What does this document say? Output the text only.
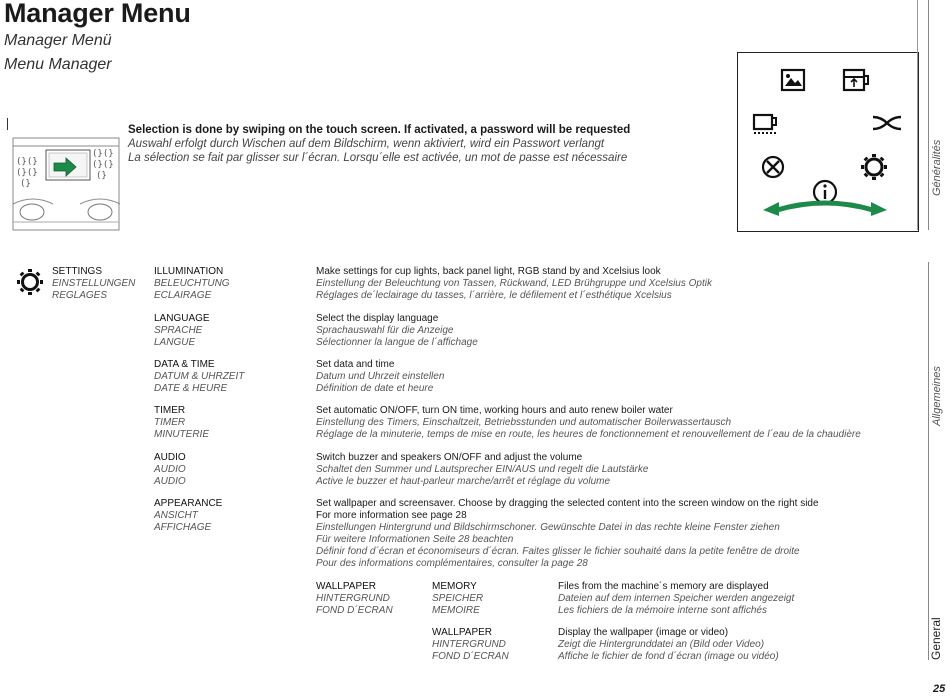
Manager Menu
Manager Menü
Menu Manager
(}(}
(}(}
(}
(}(}
(}(}
(}
Selection is done by swiping on the touch screen. If activated, a password will be requested
Auswahl erfolgt durch Wischen auf dem Bildschirm, wenn aktiviert, wird ein Passwort verlangt
La sélection se fait par glisser sur l´écran. Lorsqu´elle est activée, un mot de passe est nécessaire	Généralités
Allgemeines
General
25
SETTINGS
EINSTELLUNGEN
REGLAGES
ILLUMINATION
BELEUCHTUNG
ECLAIRAGE
Make settings for cup lights, back panel light, RGB stand by and Xcelsius look
Einstellung der Beleuchtung von Tassen, Rückwand, LED Brühgruppe und Xcelsius Optik
Réglages de´leclairage du tasses, l´arrière, le défilement et l´esthétique Xcelsius
LANGUAGE
SPRACHE
LANGUE
Select the display language
Sprachauswahl für die Anzeige
Sélectionner la langue de l´affichage
DATA & TIME
DATUM & UHRZEIT
DATE & HEURE
Set data and time
Datum und Uhrzeit einstellen
Définition de date et heure
TIMER
TIMER
MINUTERIE
Set automatic ON/OFF, turn ON time, working hours and auto renew boiler water
Einstellung des Timers, Einschaltzeit, Betriebsstunden und automatischer Boilerwassertausch
Réglage de la minuterie, temps de mise en route, les heures de fonctionnement et renouvellement de l´eau de la chaudière
AUDIO
AUDIO
AUDIO
Switch buzzer and speakers ON/OFF and adjust the volume
Schaltet den Summer und Lautsprecher EIN/AUS und regelt die Lautstärke
Active le buzzer et haut-parleur marche/arrêt et réglage du volume
APPEARANCE
ANSICHT
AFFICHAGE
Set wallpaper and screensaver. Choose by dragging the selected content into the screen window on the right side
For more information see page 28
Einstellungen Hintergrund und Bildschirmschoner. Gewünschte Datei in das rechte kleine Fenster ziehen
Für weitere Informationen Seite 28 beachten
Définir fond d´écran et économiseurs d´écran. Faites glisser le fichier souhaité dans la petite fenêtre de droite
Pour des informations complémentaires, consulter la page 28
WALLPAPER
HINTERGRUND
FOND D´ECRAN
MEMORY
SPEICHER
MEMOIRE
Files from the machine´s memory are displayed
Dateien auf dem internen Speicher werden angezeigt
Les fichiers de la mémoire interne sont affichés
WALLPAPER
HINTERGRUND
FOND D´ECRAN
Display the wallpaper (image or video)
Zeigt die Hintergrunddatei an (Bild oder Video)
Affiche le fichier de fond d´écran (image ou vidéo)
